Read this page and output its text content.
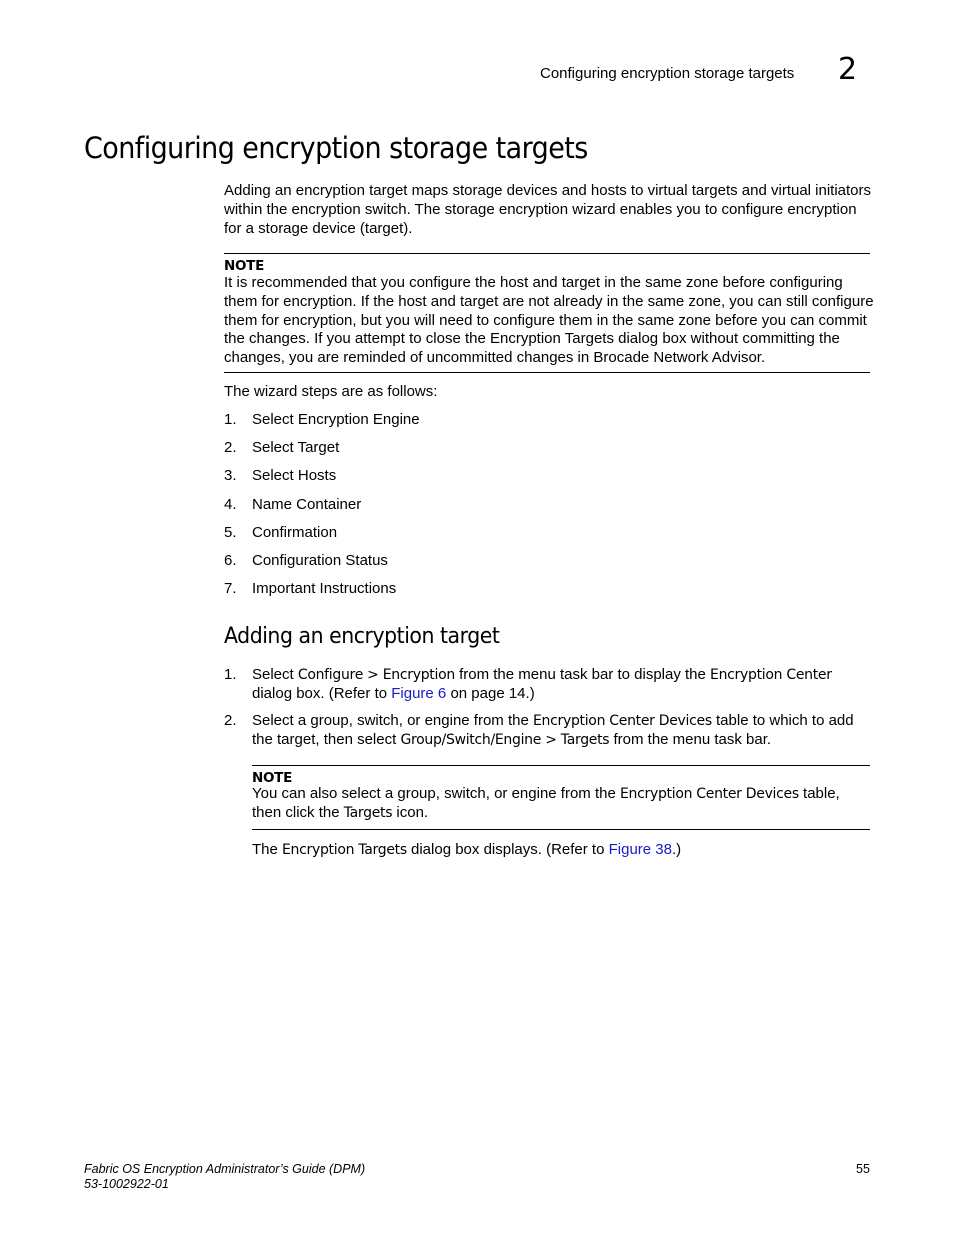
Configuring encryption storage targets 2
Configuring encryption storage targets
Adding an encryption target maps storage devices and hosts to virtual targets and virtual initiators within the encryption switch. The storage encryption wizard enables you to configure encryption for a storage device (target).
NOTE
It is recommended that you configure the host and target in the same zone before configuring them for encryption. If the host and target are not already in the same zone, you can still configure them for encryption, but you will need to configure them in the same zone before you can commit the changes. If you attempt to close the Encryption Targets dialog box without committing the changes, you are reminded of uncommitted changes in Brocade Network Advisor.
The wizard steps are as follows:
1. Select Encryption Engine
2. Select Target
3. Select Hosts
4. Name Container
5. Confirmation
6. Configuration Status
7. Important Instructions
Adding an encryption target
1. Select Configure > Encryption from the menu task bar to display the Encryption Center dialog box. (Refer to Figure 6 on page 14.)
2. Select a group, switch, or engine from the Encryption Center Devices table to which to add the target, then select Group/Switch/Engine > Targets from the menu task bar.
NOTE
You can also select a group, switch, or engine from the Encryption Center Devices table, then click the Targets icon.
The Encryption Targets dialog box displays. (Refer to Figure 38.)
Fabric OS Encryption Administrator’s Guide (DPM)
53-1002922-01
55
